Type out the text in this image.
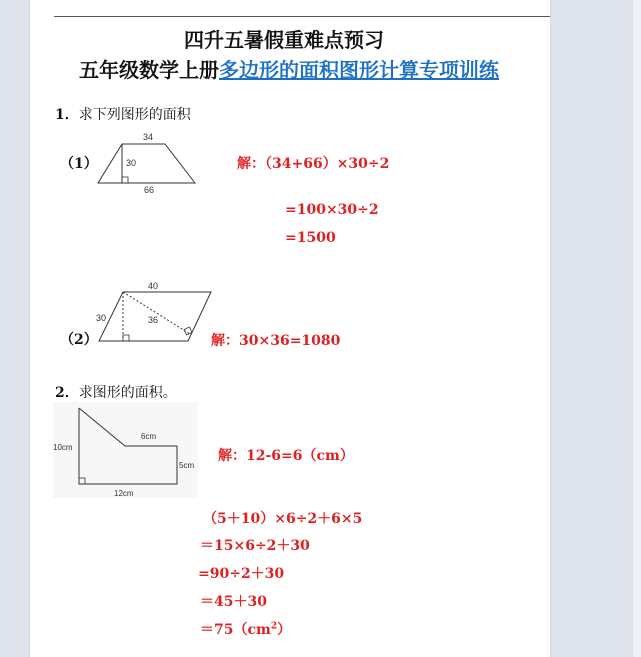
四升五暑假重难点预习
五年级数学上册多边形的面积图形计算专项训练
1．求下列图形的面积
（1）
34
30
66
解：（34+66）×30÷2
=100×30÷2
=1500
40
30	36
（2）	解：30×36=1080
2．求图形的面积。
10cm
6cm
5cm
12cm
解：12-6=6（cm）
（5＋10）×6÷2＋6×5
＝15×6÷2＋30
=90÷2＋30
＝45＋30
$=75(cm^2)$
